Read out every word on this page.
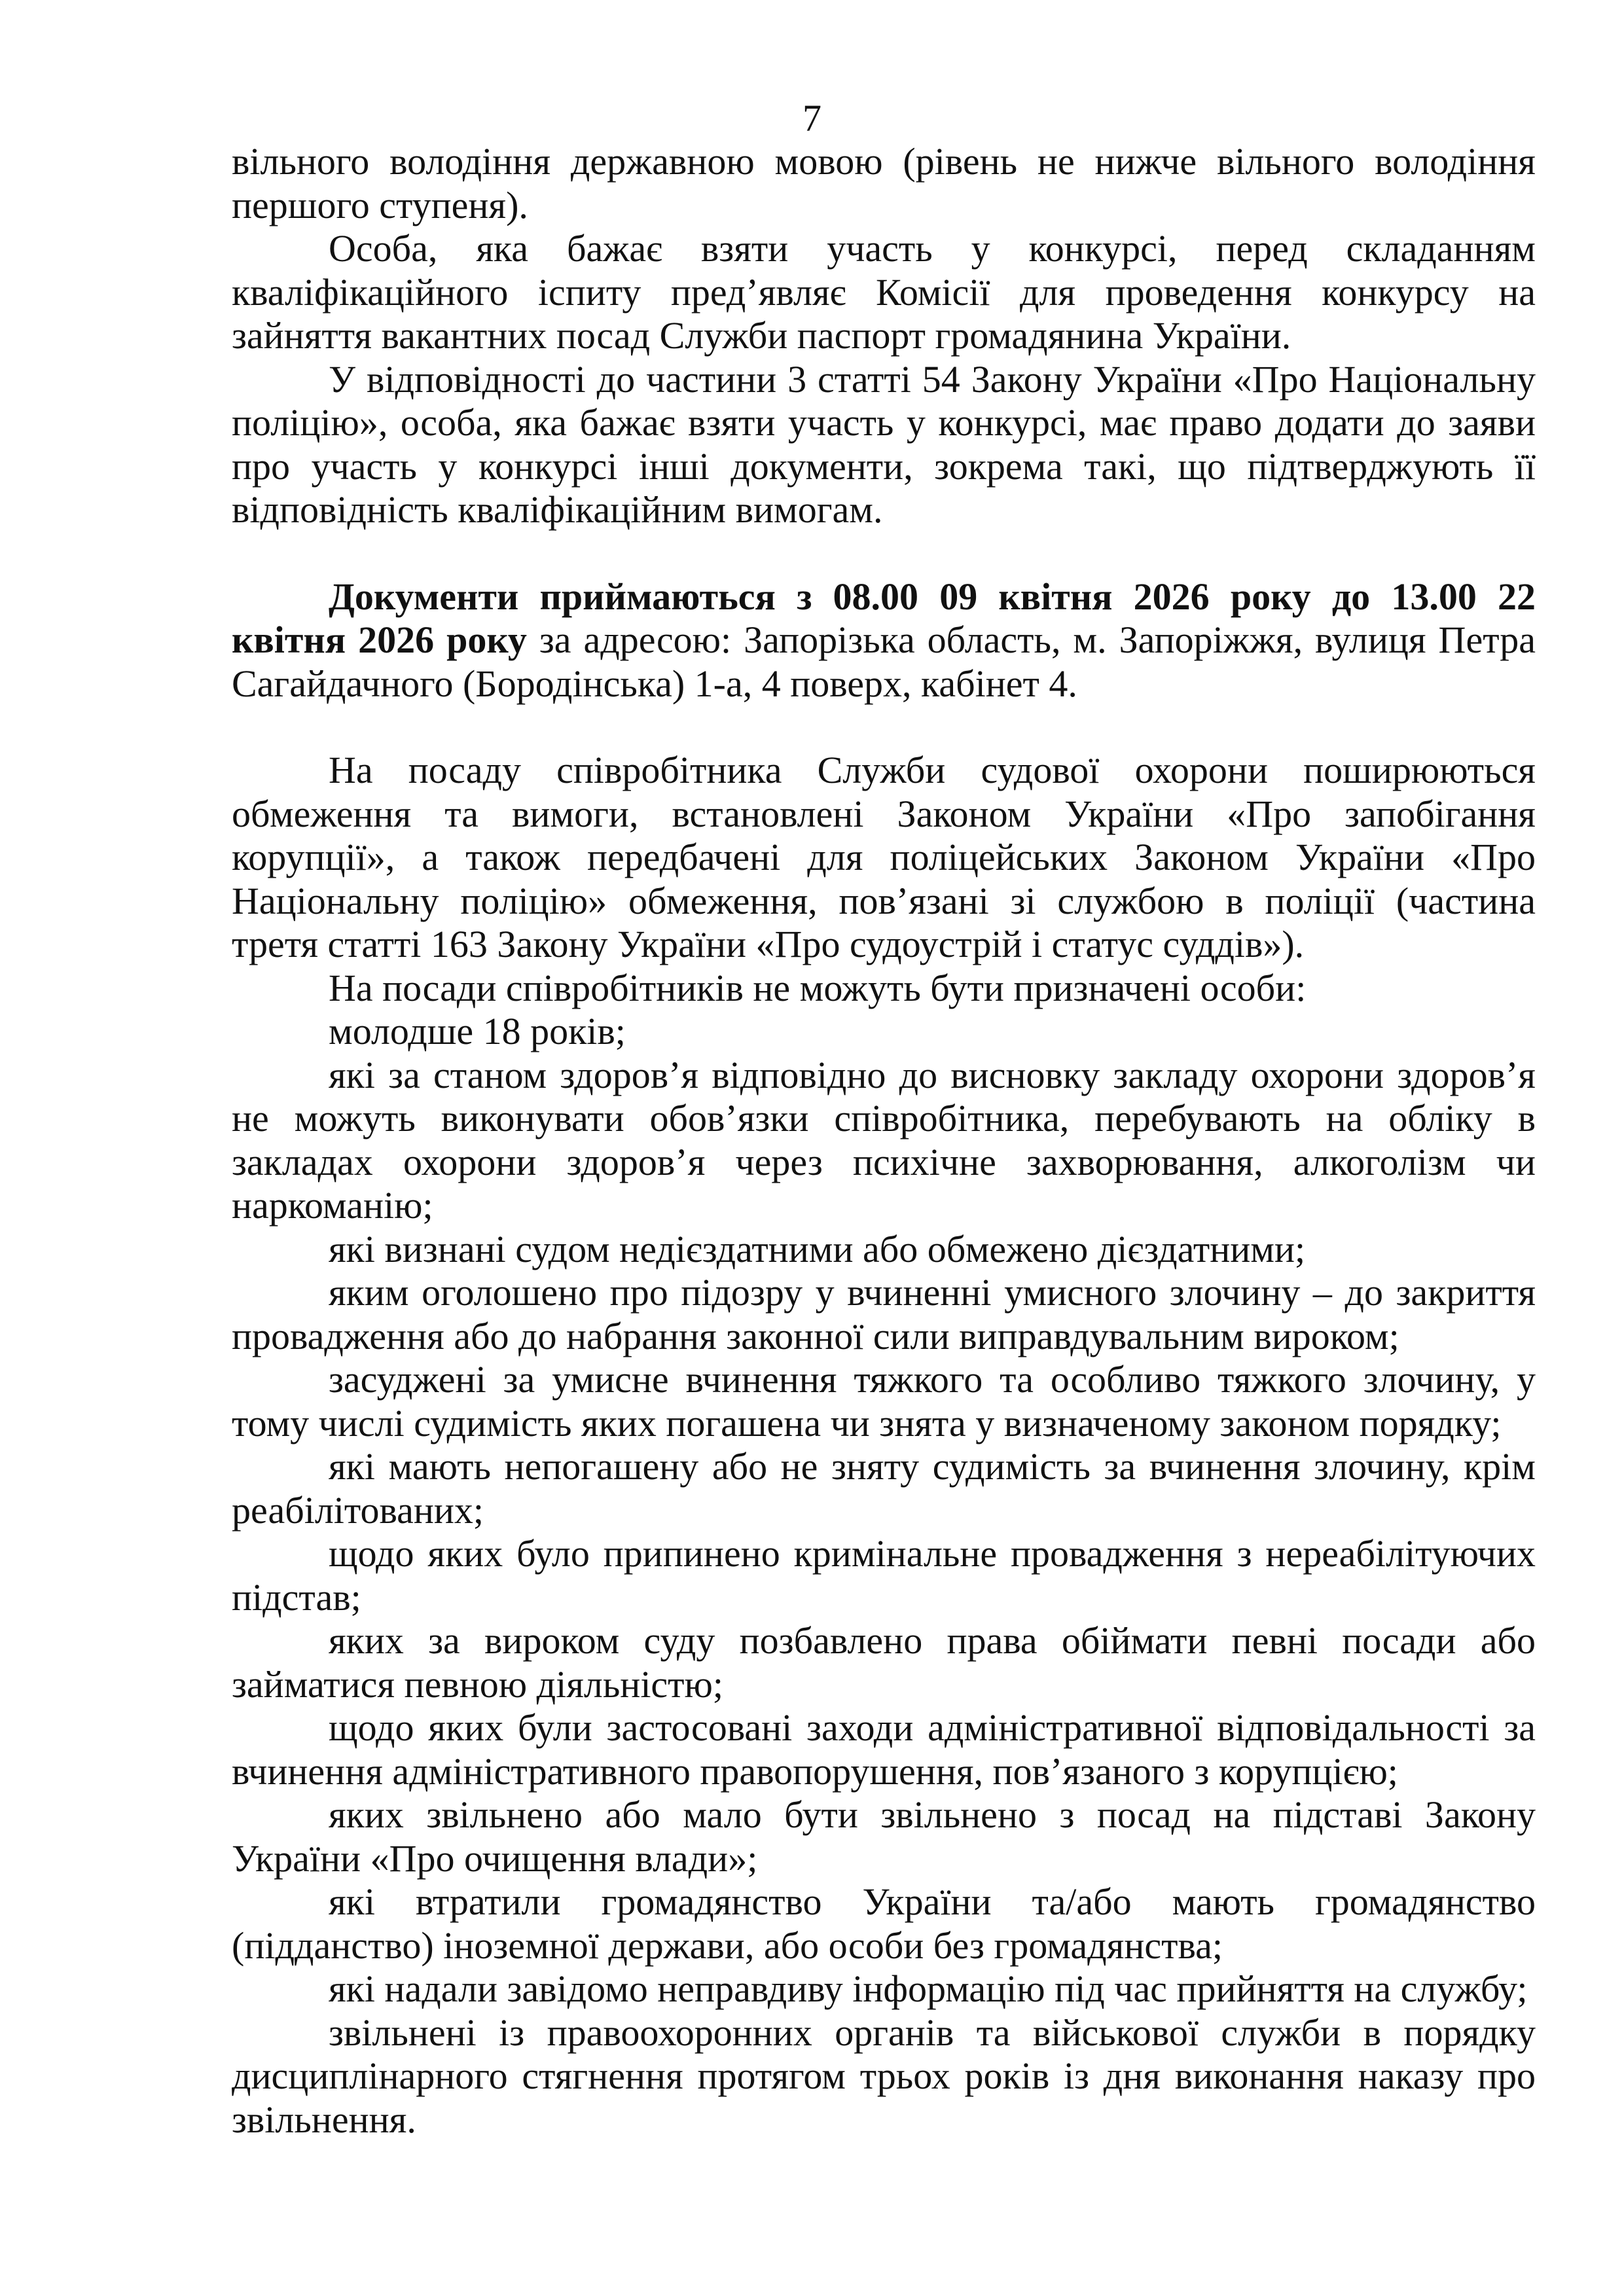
7

вільного володіння державною мовою (рівень не нижче вільного володіння першого ступеня).

Особа, яка бажає взяти участь у конкурсі, перед складанням кваліфікаційного іспиту пред’являє Комісії для проведення конкурсу на зайняття вакантних посад Служби паспорт громадянина України.

У відповідності до частини 3 статті 54 Закону України «Про Національну поліцію», особа, яка бажає взяти участь у конкурсі, має право додати до заяви про участь у конкурсі інші документи, зокрема такі, що підтверджують її відповідність кваліфікаційним вимогам.

Документи приймаються з 08.00 09 квітня 2026 року до 13.00 22 квітня 2026 року за адресою: Запорізька область, м. Запоріжжя, вулиця Петра Сагайдачного (Бородінська) 1-а, 4 поверх, кабінет 4.

На посаду співробітника Служби судової охорони поширюються обмеження та вимоги, встановлені Законом України «Про запобігання корупції», а також передбачені для поліцейських Законом України «Про Національну поліцію» обмеження, пов’язані зі службою в поліції (частина третя статті 163 Закону України «Про судоустрій і статус суддів»).

На посади співробітників не можуть бути призначені особи:

молодше 18 років;

які за станом здоров’я відповідно до висновку закладу охорони здоров’я не можуть виконувати обов’язки співробітника, перебувають на обліку в закладах охорони здоров’я через психічне захворювання, алкоголізм чи наркоманію;

які визнані судом недієздатними або обмежено дієздатними;

яким оголошено про підозру у вчиненні умисного злочину – до закриття провадження або до набрання законної сили виправдувальним вироком;

засуджені за умисне вчинення тяжкого та особливо тяжкого злочину, у тому числі судимість яких погашена чи знята у визначеному законом порядку;

які мають непогашену або не зняту судимість за вчинення злочину, крім реабілітованих;

щодо яких було припинено кримінальне провадження з нереабілітуючих підстав;

яких за вироком суду позбавлено права обіймати певні посади або займатися певною діяльністю;

щодо яких були застосовані заходи адміністративної відповідальності за вчинення адміністративного правопорушення, пов’язаного з корупцією;

яких звільнено або мало бути звільнено з посад на підставі Закону України «Про очищення влади»;

які втратили громадянство України та/або мають громадянство (підданство) іноземної держави, або особи без громадянства;

які надали завідомо неправдиву інформацію під час прийняття на службу;

звільнені із правоохоронних органів та військової служби в порядку дисциплінарного стягнення протягом трьох років із дня виконання наказу про звільнення.
